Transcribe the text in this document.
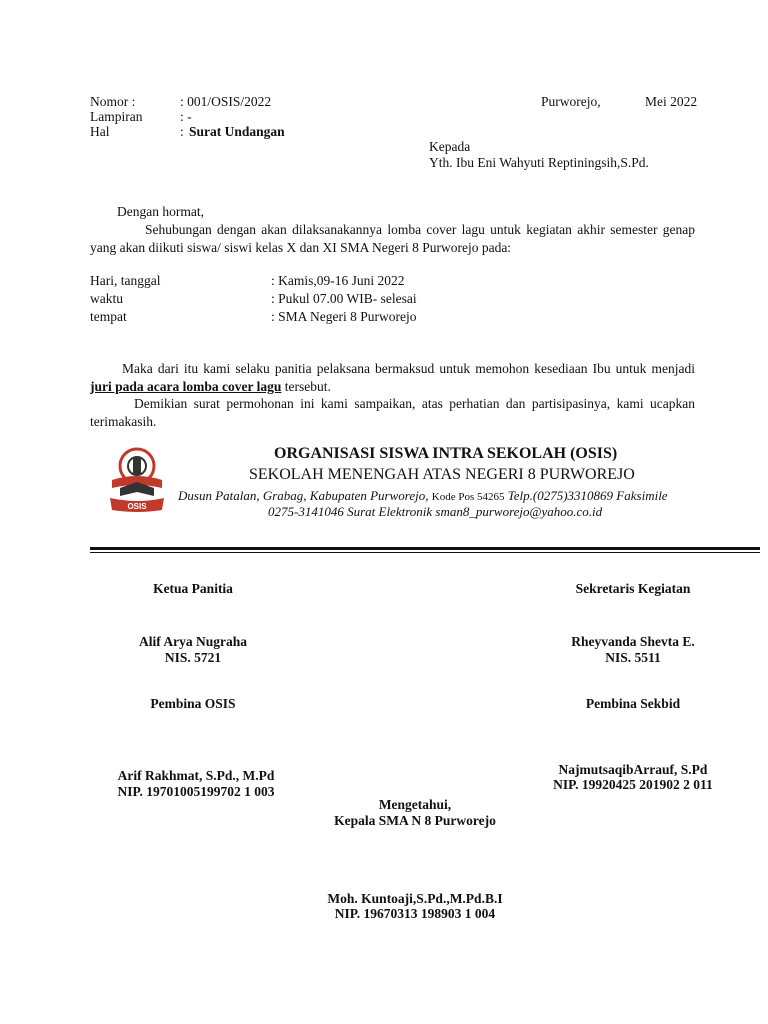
Nomor :	: 001/OSIS/2022
Lampiran	: -
Hal	: Surat Undangan
Purworejo,	Mei 2022
Kepada
Yth. Ibu Eni Wahyuti Reptiningsih,S.Pd.
Dengan hormat,
Sehubungan dengan akan dilaksanakannya lomba cover lagu untuk kegiatan akhir semester genap yang akan diikuti siswa/ siswi kelas X dan XI SMA Negeri 8 Purworejo pada:
Hari, tanggal	: Kamis,09-16 Juni 2022
waktu	: Pukul 07.00 WIB- selesai
tempat	: SMA Negeri 8 Purworejo
Maka dari itu kami selaku panitia pelaksana bermaksud untuk memohon kesediaan Ibu untuk menjadi juri pada acara lomba cover lagu tersebut.
Demikian surat permohonan ini kami sampaikan, atas perhatian dan partisipasinya, kami ucapkan terimakasih.
OSIS
ORGANISASI SISWA INTRA SEKOLAH (OSIS)
SEKOLAH MENENGAH ATAS NEGERI 8 PURWOREJO
Dusun Patalan, Grabag, Kabupaten Purworejo, Kode Pos 54265 Telp.(0275)3310869 Faksimile
0275-3141046 Surat Elektronik sman8_purworejo@yahoo.co.id
Ketua Panitia
Alif Arya Nugraha
NIS. 5721
Sekretaris Kegiatan
Rheyvanda Shevta E.
NIS. 5511
Pembina OSIS
Arif Rakhmat, S.Pd., M.Pd
NIP. 19701005199702 1 003
Pembina Sekbid
NajmutsaqibArrauf, S.Pd
NIP. 19920425 201902 2 011
Mengetahui,
Kepala SMA N 8 Purworejo
Moh. Kuntoaji,S.Pd.,M.Pd.B.I
NIP. 19670313 198903 1 004
